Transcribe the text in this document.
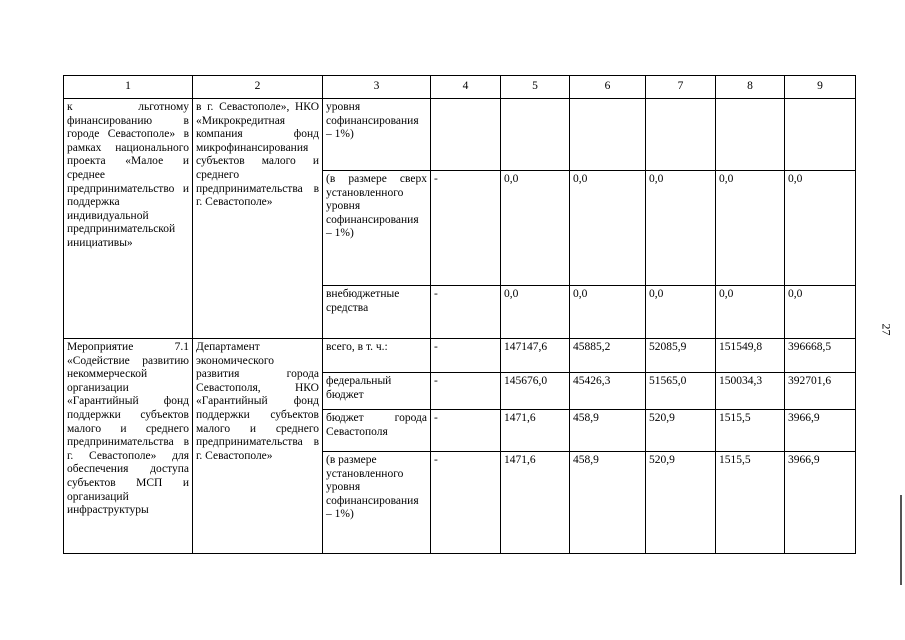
1	2	3	4	5	6	7	8	9
к льготному финансированию в городе Севастополе» в рамках национального проекта «Малое и среднее предпринимательство и поддержка индивидуальной предпринимательской инициативы»	в г. Севастополе», НКО «Микрокредитная компания фонд микрофинансирования субъектов малого и среднего предпринимательства в г. Севастополе»	уровня софинансирования – 1%)						
		(в размере сверх установленного уровня софинансирования – 1%)	-	0,0	0,0	0,0	0,0	0,0
		внебюджетные средства	-	0,0	0,0	0,0	0,0	0,0
Мероприятие 7.1 «Содействие развитию некоммерческой организации «Гарантийный фонд поддержки субъектов малого и среднего предпринимательства в г. Севастополе» для обеспечения доступа субъектов МСП и организаций инфраструктуры	Департамент экономического развития города Севастополя, НКО «Гарантийный фонд поддержки субъектов малого и среднего предпринимательства в г. Севастополе»	всего, в т. ч.:	-	147147,6	45885,2	52085,9	151549,8	396668,5
		федеральный бюджет	-	145676,0	45426,3	51565,0	150034,3	392701,6
		бюджет города Севастополя	-	1471,6	458,9	520,9	1515,5	3966,9
		(в размере установленного уровня софинансирования – 1%)	-	1471,6	458,9	520,9	1515,5	3966,9
27
